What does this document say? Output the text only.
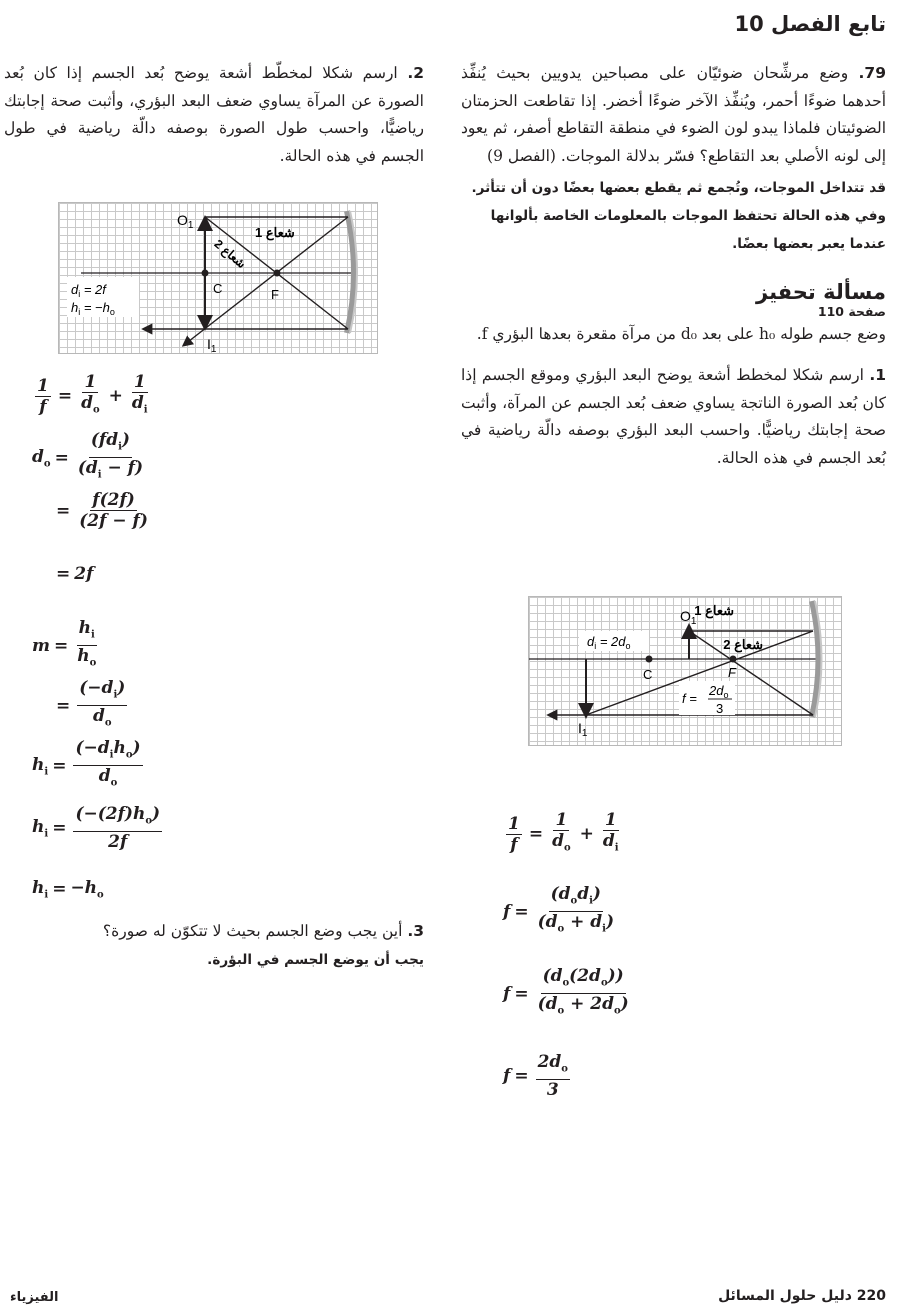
تابع الفصل 10

79. وضع مرشِّحان ضوئيّان على مصباحين يدويين بحيث يُنفِّذ أحدهما ضوءًا أحمر، ويُنفِّذ الآخر ضوءًا أخضر. إذا تقاطعت الحزمتان الضوئيتان فلماذا يبدو لون الضوء في منطقة التقاطع أصفر، ثم يعود إلى لونه الأصلي بعد التقاطع؟ فسّر بدلالة الموجات. (الفصل 9)

قد تتداخل الموجات، وتُجمع ثم يقطع بعضها بعضًا دون أن تتأثر. وفي هذه الحالة تحتفظ الموجات بالمعلومات الخاصة بألوانها عندما يعبر بعضها بعضًا.

مسألة تحفيز
صفحة 110
وضع جسم طوله h₀ على بعد d₀ من مرآة مقعرة بعدها البؤري f.

1. ارسم شكلا لمخطط أشعة يوضح البعد البؤري وموقع الجسم إذا كان بُعد الصورة الناتجة يساوي ضعف بُعد الجسم عن المرآة، وأثبت صحة إجابتك رياضيًّا. واحسب البعد البؤري بوصفه دالّة رياضية في بُعد الجسم في هذه الحالة.

شعاع 1
شعاع 2
$O_1$
$I_1$
C	F
$d_i = 2d_o$
f =
$2d_o$
3
$\frac{1}{f} = \frac{1}{d_o} + \frac{1}{d_i}$
$f = \frac{(d_od_i)}{(d_o + d_i)}$
$f = \frac{(d_o(2d_o))}{(d_o + 2d_o)}$
$f = \frac{2d_o}{3}$

2. ارسم شكلا لمخطّط أشعة يوضح بُعد الجسم إذا كان بُعد الصورة عن المرآة يساوي ضعف البعد البؤري، وأثبت صحة إجابتك رياضيًّا، واحسب طول الصورة بوصفه دالّة رياضية في طول الجسم في هذه الحالة.

شعاع 1
شعاع 2
$O_1$
$I_1$
C	F
$d_i = 2f$
$h_i = -h_o$
$\frac{1}{f} = \frac{1}{d_o} + \frac{1}{d_i}$
$d_o = \frac{(fd_i)}{(d_i - f)}$
= $\frac{f(2f)}{(2f - f)}$
= 2f
$m = \frac{h_i}{h_o}$
= $\frac{(-d_i)}{d_o}$
$h_i = \frac{(-d_ih_o)}{d_o}$
$h_i = \frac{(-(2f)h_o)}{2f}$
$h_i = -h_o$

3. أين يجب وضع الجسم بحيث لا تتكوّن له صورة؟

يجب أن يوضع الجسم في البؤرة.

220 دليل حلول المسائل
الفيزياء
